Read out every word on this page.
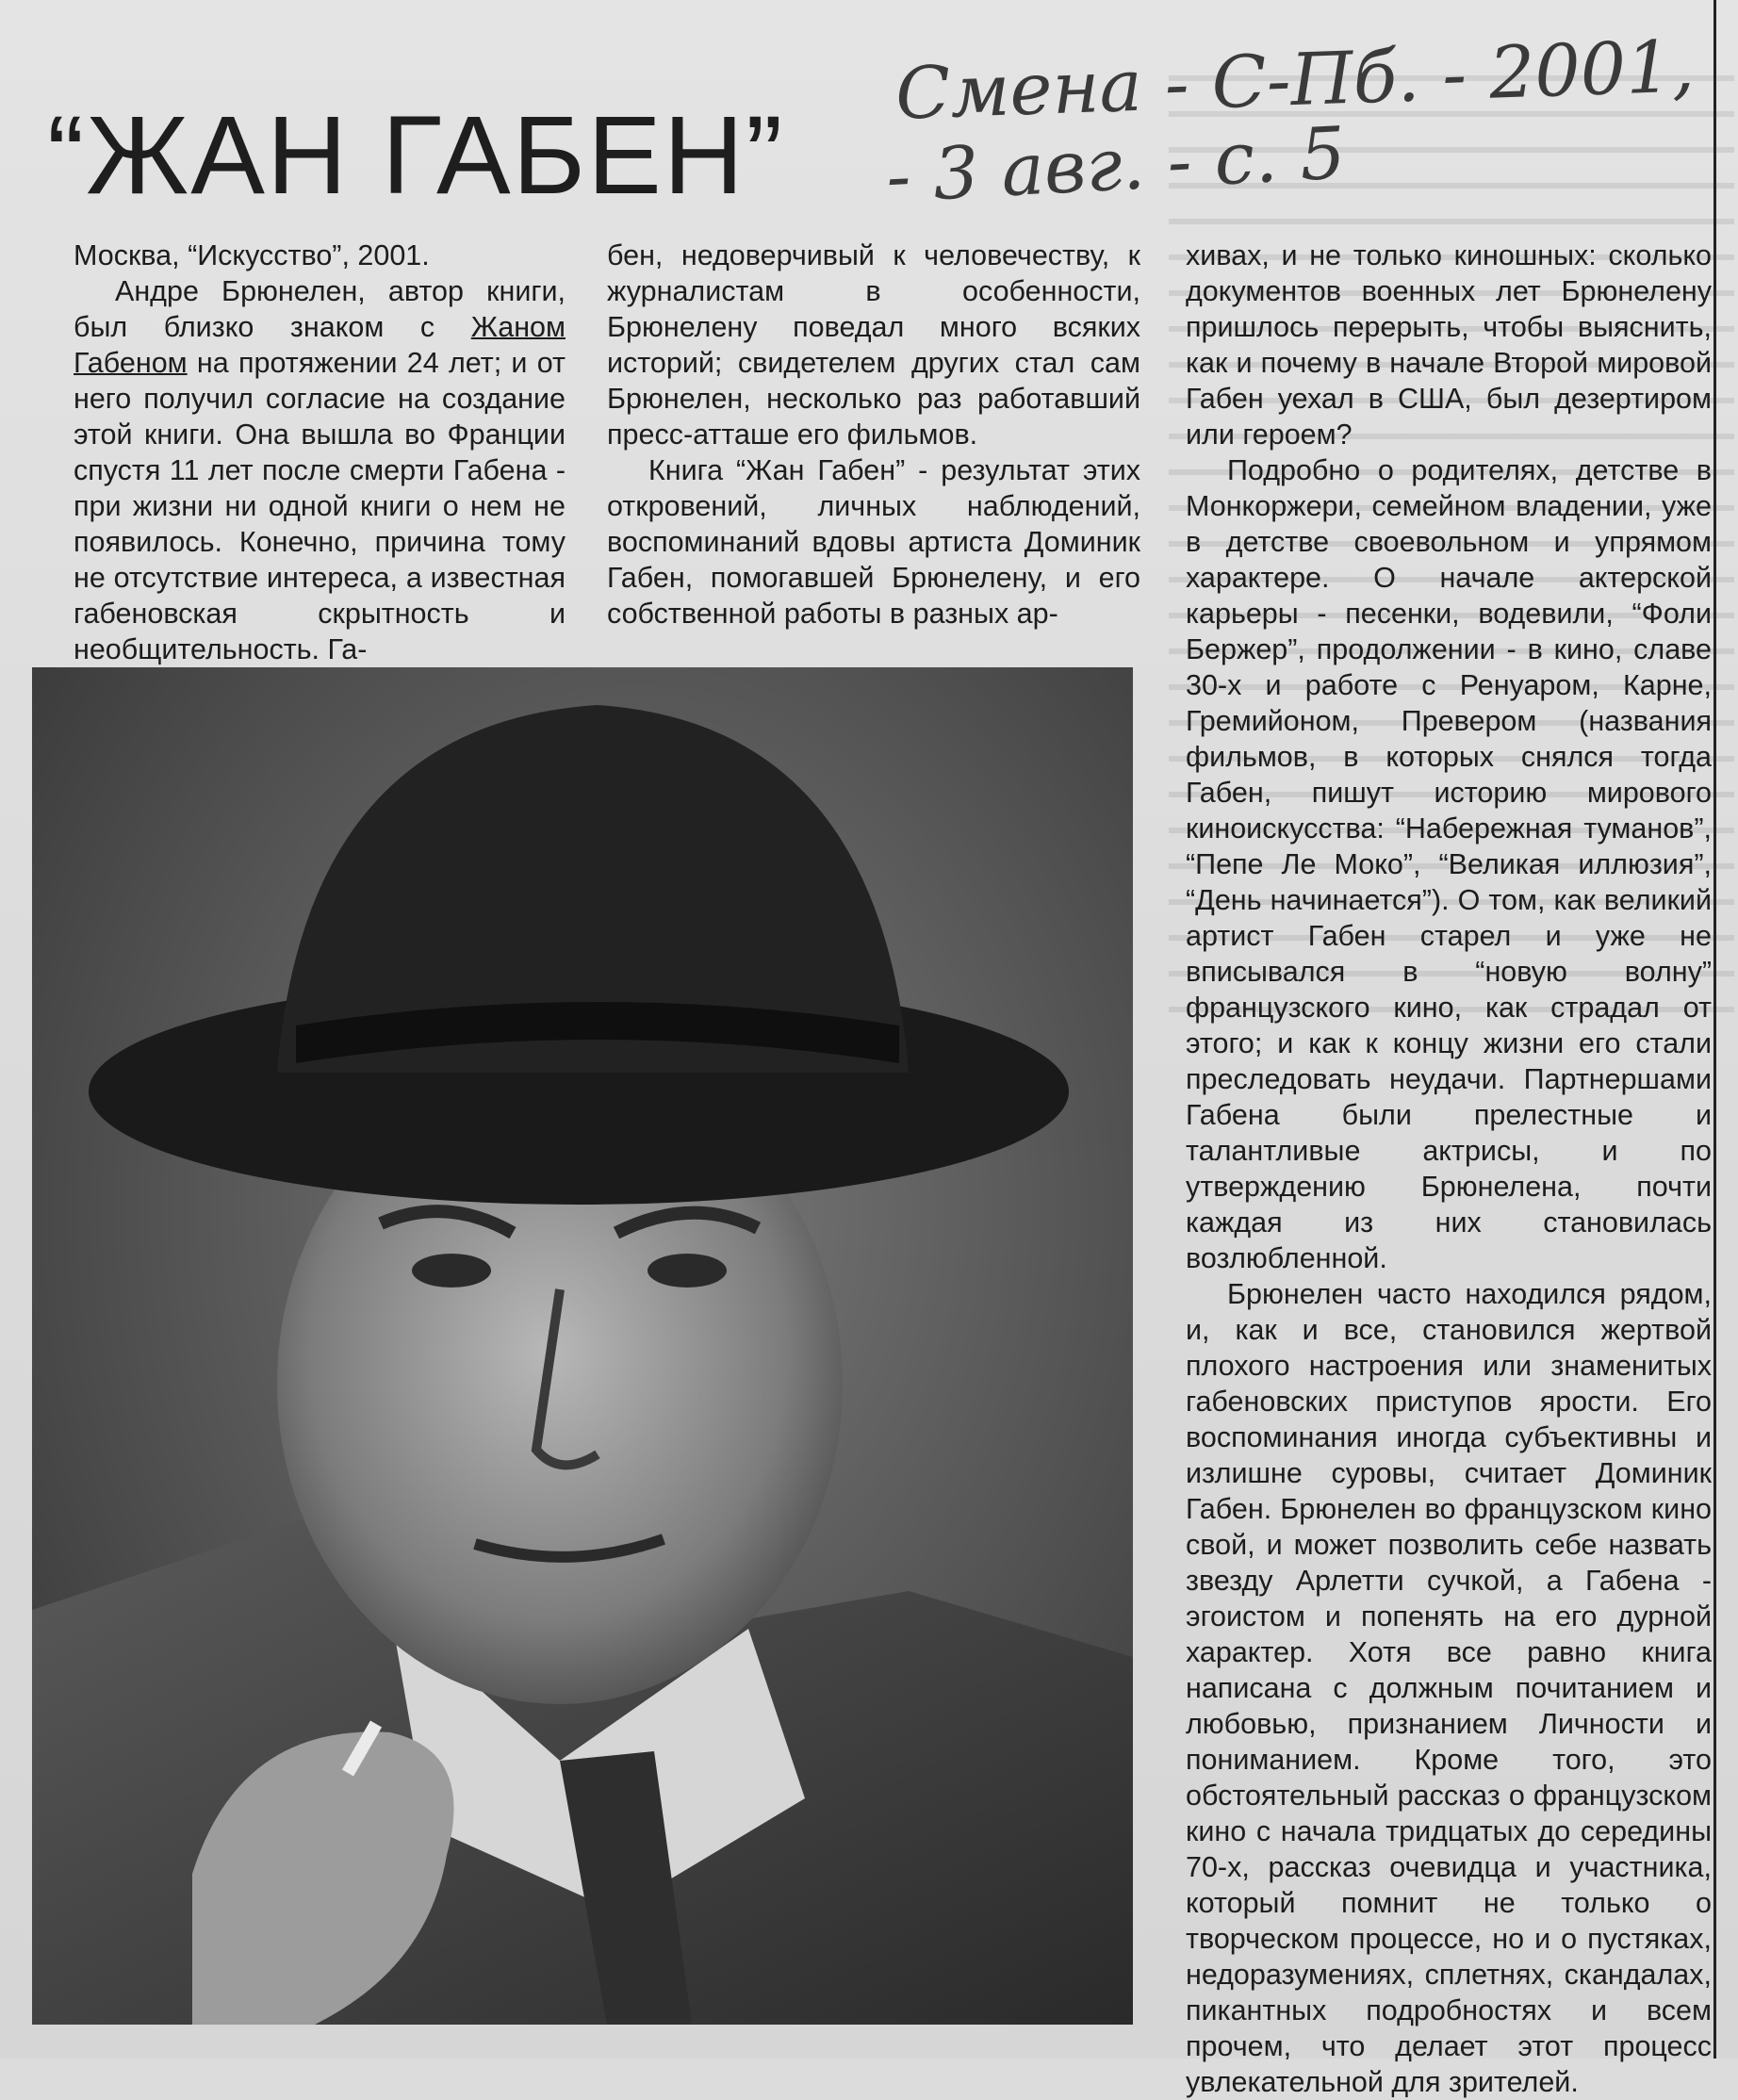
“ЖАН ГАБЕН”
Смена - С-Пб. - 2001,
- 3 авг. - с. 5

Москва, “Искусство”, 2001.

Андре Брюнелен, автор книги, был близко знаком с Жаном Габеном на протяжении 24 лет; и от него получил согласие на создание этой книги. Она вышла во Франции спустя 11 лет после смерти Габена - при жизни ни одной книги о нем не появилось. Конечно, причина тому не отсутствие интереса, а известная габеновская скрытность и необщительность. Га-

бен, недоверчивый к человечеству, к журналистам в особенности, Брюнелену поведал много всяких историй; свидетелем других стал сам Брюнелен, несколько раз работавший пресс-атташе его фильмов.

Книга “Жан Габен” - результат этих откровений, личных наблюдений, воспоминаний вдовы артиста Доминик Габен, помогавшей Брюнелену, и его собственной работы в разных ар-

хивах, и не только киношных: сколько документов военных лет Брюнелену пришлось перерыть, чтобы выяснить, как и почему в начале Второй мировой Габен уехал в США, был дезертиром или героем?

Подробно о родителях, детстве в Монкоржери, семейном владении, уже в детстве своевольном и упрямом характере. О начале актерской карьеры - песенки, водевили, “Фоли Бержер”, продолжении - в кино, славе 30-х и работе с Ренуаром, Карне, Гремийоном, Превером (названия фильмов, в которых снялся тогда Габен, пишут историю мирового киноискусства: “Набережная туманов”, “Пепе Ле Моко”, “Великая иллюзия”, “День начинается”). О том, как великий артист Габен старел и уже не вписывался в “новую волну” французского кино, как страдал от этого; и как к концу жизни его стали преследовать неудачи. Партнершами Габена были прелестные и талантливые актрисы, и по утверждению Брюнелена, почти каждая из них становилась возлюбленной.

Брюнелен часто находился рядом, и, как и все, становился жертвой плохого настроения или знаменитых габеновских приступов ярости. Его воспоминания иногда субъективны и излишне суровы, считает Доминик Габен. Брюнелен во французском кино свой, и может позволить себе назвать звезду Арлетти сучкой, а Габена - эгоистом и попенять на его дурной характер. Хотя все равно книга написана с должным почитанием и любовью, признанием Личности и пониманием. Кроме того, это обстоятельный рассказ о французском кино с начала тридцатых до середины 70-х, рассказ очевидца и участника, который помнит не только о творческом процессе, но и о пустяках, недоразумениях, сплетнях, скандалах, пикантных подробностях и всем прочем, что делает этот процесс увлекательной для зрителей.
